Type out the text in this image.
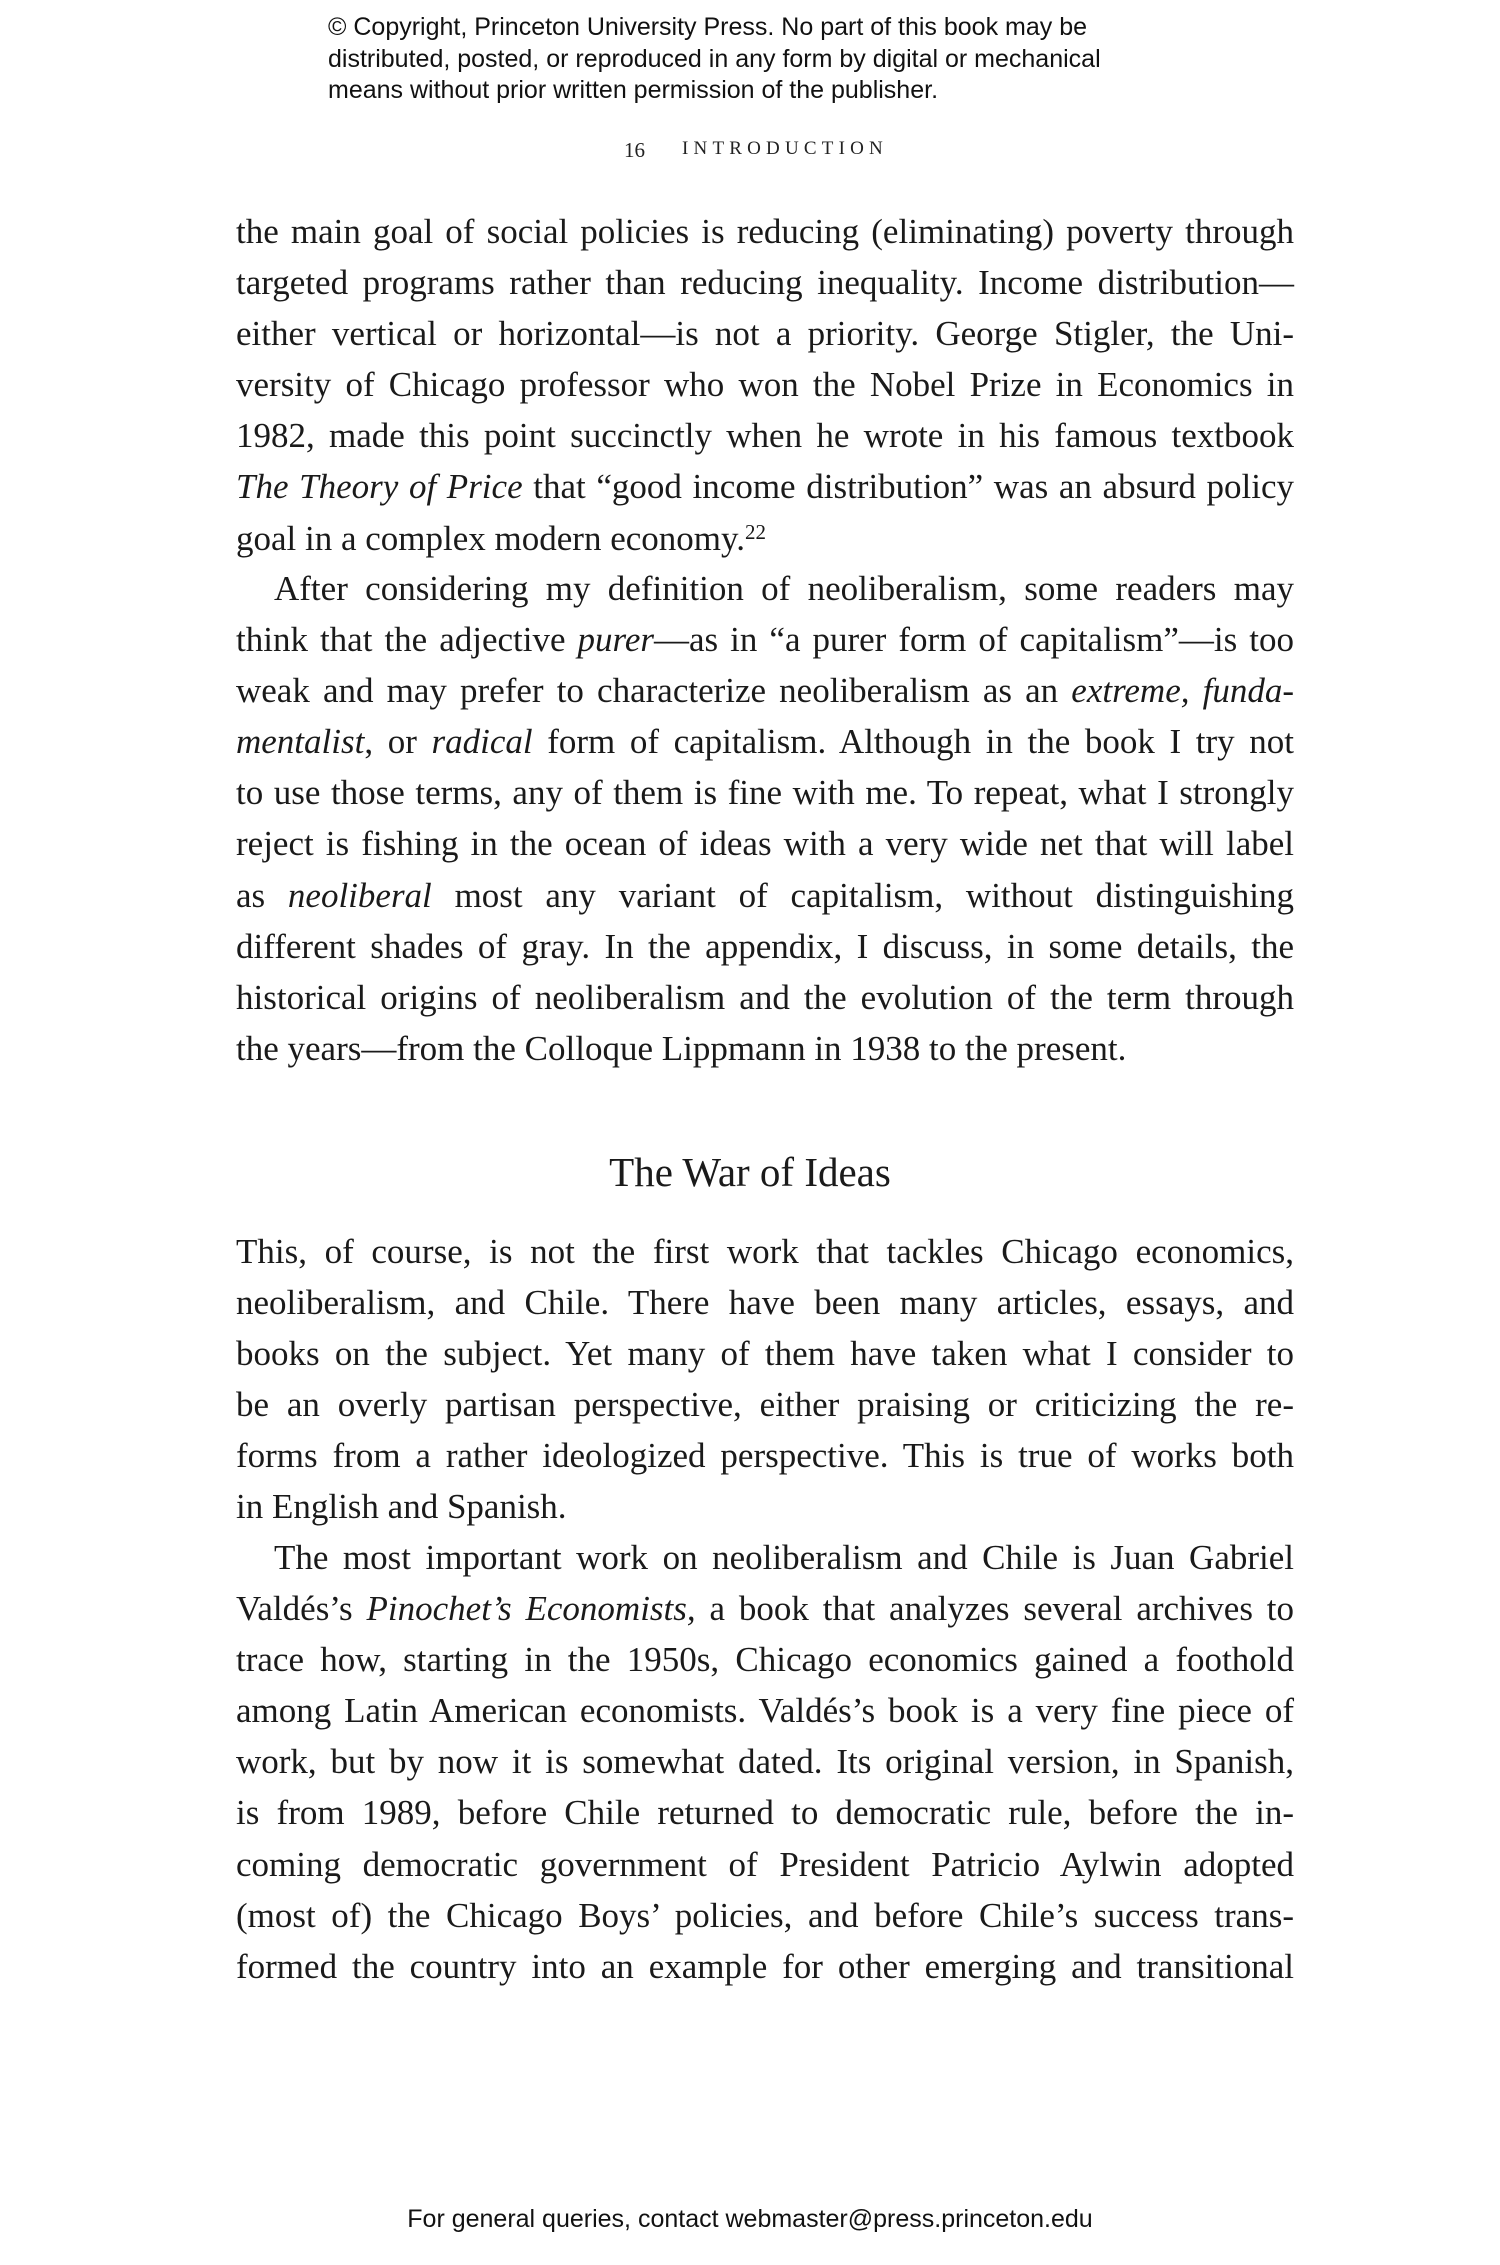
© Copyright, Princeton University Press. No part of this book may be
distributed, posted, or reproduced in any form by digital or mechanical
means without prior written permission of the publisher.
16 INTRODUCTION
the main goal of social policies is reducing (eliminating) poverty through
targeted programs rather than reducing inequality. Income distribution—
either vertical or horizontal—is not a priority. George Stigler, the Uni-
versity of Chicago professor who won the Nobel Prize in Economics in
1982, made this point succinctly when he wrote in his famous textbook
The Theory of Price that “good income distribution” was an absurd policy
goal in a complex modern economy.$^{22}$
After considering my definition of neoliberalism, some readers may
think that the adjective purer—as in “a purer form of capitalism”—is too
weak and may prefer to characterize neoliberalism as an extreme, funda-
mentalist, or radical form of capitalism. Although in the book I try not
to use those terms, any of them is fine with me. To repeat, what I strongly
reject is fishing in the ocean of ideas with a very wide net that will label
as neoliberal most any variant of capitalism, without distinguishing
different shades of gray. In the appendix, I discuss, in some details, the
historical origins of neoliberalism and the evolution of the term through
the years—from the Colloque Lippmann in 1938 to the present.
The War of Ideas
This, of course, is not the first work that tackles Chicago economics,
neoliberalism, and Chile. There have been many articles, essays, and
books on the subject. Yet many of them have taken what I consider to
be an overly partisan perspective, either praising or criticizing the re-
forms from a rather ideologized perspective. This is true of works both
in English and Spanish.
The most important work on neoliberalism and Chile is Juan Gabriel
Valdés’s Pinochet’s Economists, a book that analyzes several archives to
trace how, starting in the 1950s, Chicago economics gained a foothold
among Latin American economists. Valdés’s book is a very fine piece of
work, but by now it is somewhat dated. Its original version, in Spanish,
is from 1989, before Chile returned to democratic rule, before the in-
coming democratic government of President Patricio Aylwin adopted
(most of) the Chicago Boys’ policies, and before Chile’s success trans-
formed the country into an example for other emerging and transitional
For general queries, contact webmaster@press.princeton.edu
